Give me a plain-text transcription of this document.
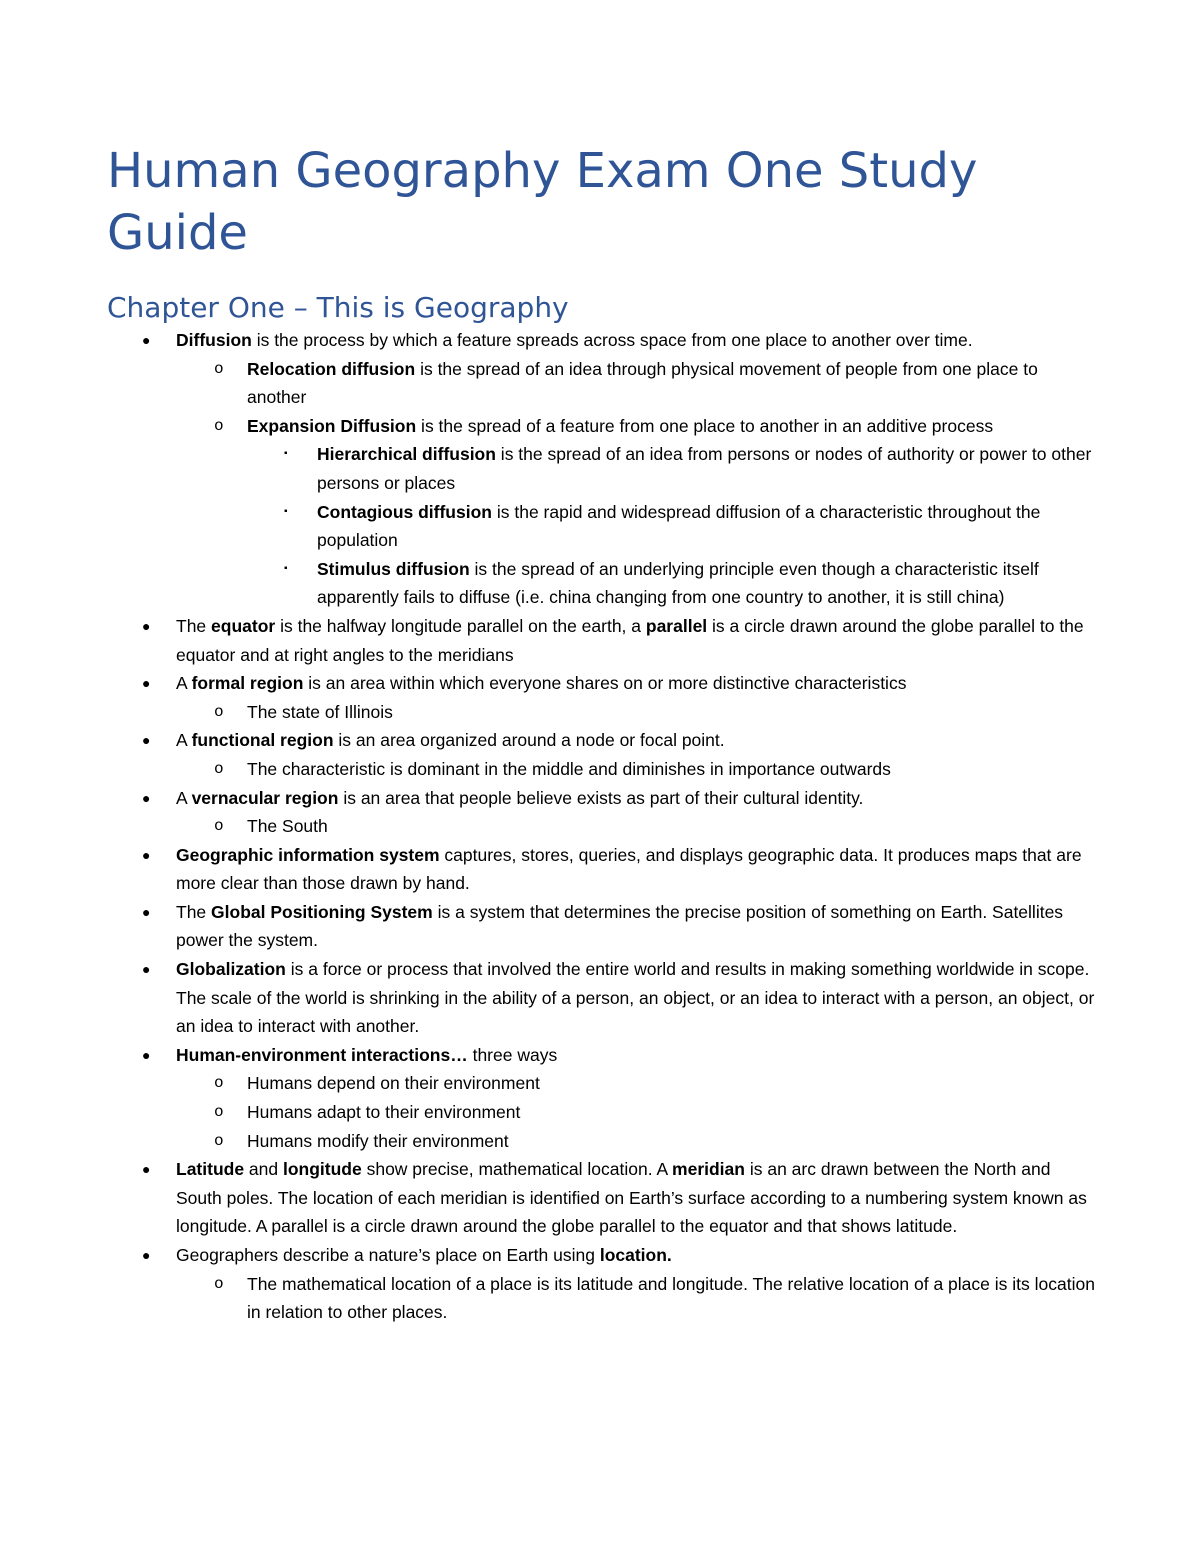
Human Geography Exam One Study Guide
Chapter One – This is Geography
● Diffusion is the process by which a feature spreads across space from one place to another over time.
o Relocation diffusion is the spread of an idea through physical movement of people from one place to another
o Expansion Diffusion is the spread of a feature from one place to another in an additive process
▪ Hierarchical diffusion is the spread of an idea from persons or nodes of authority or power to other persons or places
▪ Contagious diffusion is the rapid and widespread diffusion of a characteristic throughout the population
▪ Stimulus diffusion is the spread of an underlying principle even though a characteristic itself apparently fails to diffuse (i.e. china changing from one country to another, it is still china)
● The equator is the halfway longitude parallel on the earth, a parallel is a circle drawn around the globe parallel to the equator and at right angles to the meridians
● A formal region is an area within which everyone shares on or more distinctive characteristics
o The state of Illinois
● A functional region is an area organized around a node or focal point.
o The characteristic is dominant in the middle and diminishes in importance outwards
● A vernacular region is an area that people believe exists as part of their cultural identity.
o The South
● Geographic information system captures, stores, queries, and displays geographic data. It produces maps that are more clear than those drawn by hand.
● The Global Positioning System is a system that determines the precise position of something on Earth. Satellites power the system.
● Globalization is a force or process that involved the entire world and results in making something worldwide in scope. The scale of the world is shrinking in the ability of a person, an object, or an idea to interact with a person, an object, or an idea to interact with another.
● Human-environment interactions… three ways
o Humans depend on their environment
o Humans adapt to their environment
o Humans modify their environment
● Latitude and longitude show precise, mathematical location. A meridian is an arc drawn between the North and South poles. The location of each meridian is identified on Earth’s surface according to a numbering system known as longitude. A parallel is a circle drawn around the globe parallel to the equator and that shows latitude.
● Geographers describe a nature’s place on Earth using location.
o The mathematical location of a place is its latitude and longitude. The relative location of a place is its location in relation to other places.
